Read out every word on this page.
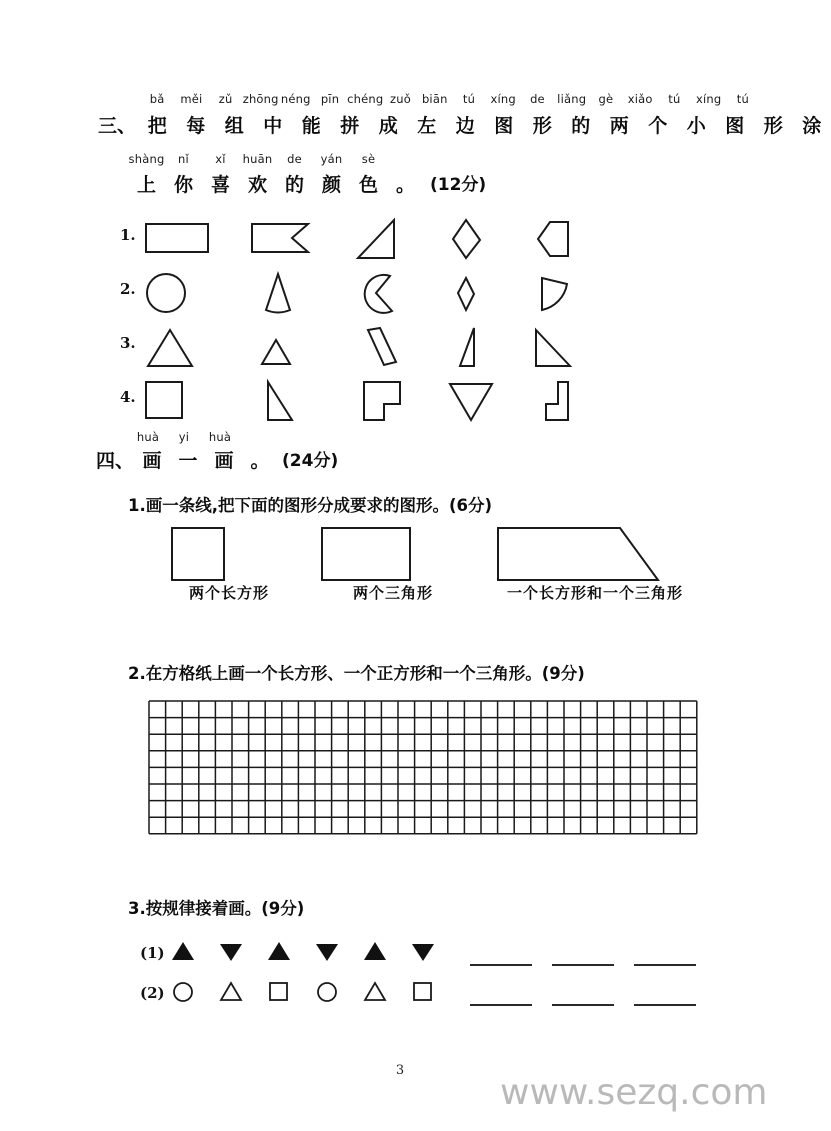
bǎ	měi	zǔ zhōng néng pīn chéng zuǒ biān	tú	xíng	de	liǎng	gè	xiǎo	tú	xíng	tú
三、 把	每	组	中	能	拼	成	左	边	图	形	的	两	个	小	图	形	涂
shàng	nǐ	xǐ	huān	de	yán	sè
上 你 喜 欢 的 颜 色 。 (12分)
1.
2.
3.
4.
huà	yi	huà
四、 画 一 画 。 (24分)
1.画一条线,把下面的图形分成要求的图形。(6分)
两个长方形	两个三角形	一个长方形和一个三角形
2.在方格纸上画一个长方形、一个正方形和一个三角形。(9分)
3.按规律接着画。(9分)
(1)
(2)
3
www.sezq.com
